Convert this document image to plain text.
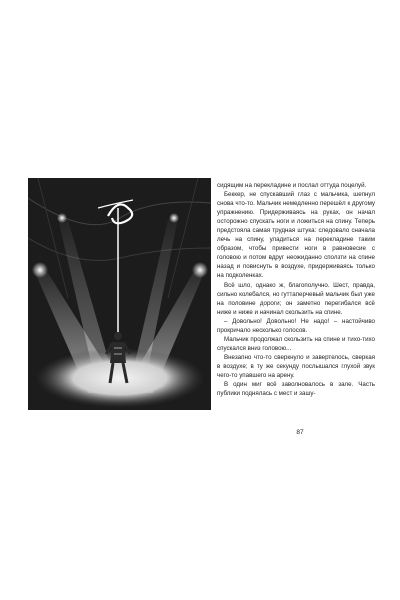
сидящим на перекладине и послал оттуда поцелуй.

Беккер, не спускавший глаз с мальчика, шепнул снова что-то. Мальчик немедленно перешёл к другому упражнению. Придерживаясь на руках, он начал осторожно спускать ноги и ложиться на спину. Теперь предстояла самая трудная штука: следовало сначала лечь на спину, уладиться на перекладине таким образом, чтобы привести ноги в равновесие с головою и потом вдруг неожиданно сползти на спине назад и повиснуть в воздухе, придерживаясь только на подколенках.

Всё шло, однако ж, благополучно. Шест, правда, сильно колебался, но гуттаперчевый мальчик был уже на половине дороги; он заметно перегибался всё ниже и ниже и начинал скользить на спине.

– Довольно! Довольно! Не надо! – настойчиво прокричало несколько голосов.

Мальчик продолжал скользить на спине и тихо-тихо спускался вниз головою...

Внезапно что-то сверкнуло и завертелось, сверкая в воздухе; в ту же секунду послышался глухой звук чего-то упавшего на арену.

В один миг всё заволновалось в зале. Часть публики поднялась с мест и зашу-

87
